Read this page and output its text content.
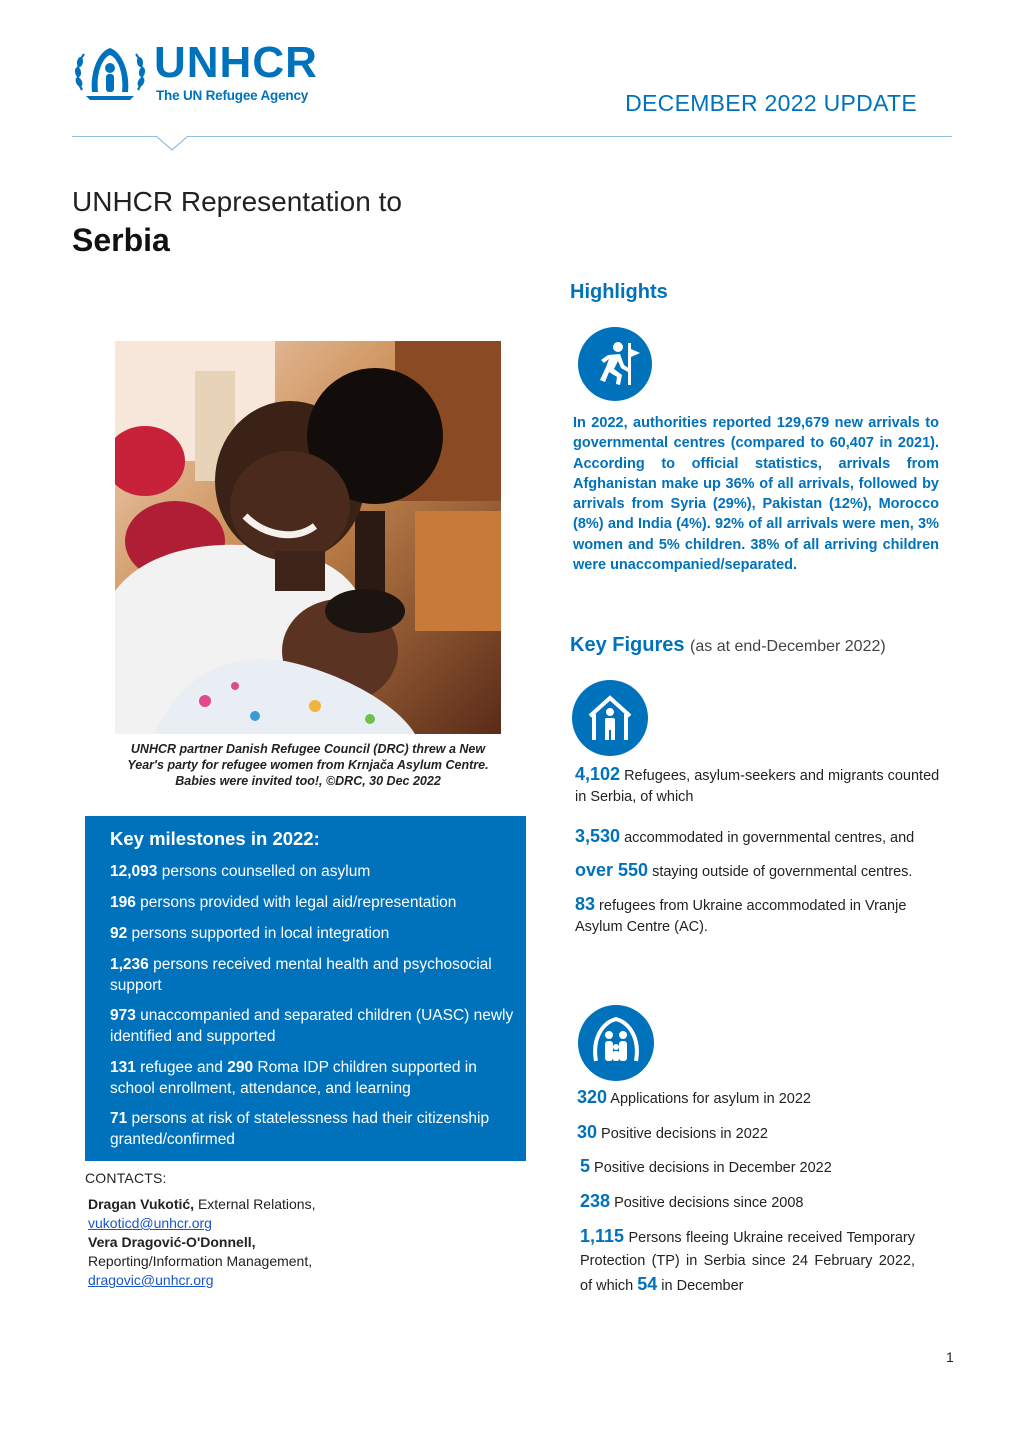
UNHCR
The UN Refugee Agency	DECEMBER 2022 UPDATE
UNHCR Representation to
Serbia
UNHCR partner Danish Refugee Council (DRC) threw a New Year's party for refugee women from Krnjača Asylum Centre. Babies were invited too!, ©DRC, 30 Dec 2022
Key milestones in 2022:
12,093 persons counselled on asylum
196 persons provided with legal aid/representation
92 persons supported in local integration
1,236 persons received mental health and psychosocial support
973 unaccompanied and separated children (UASC) newly identified and supported
131 refugee and 290 Roma IDP children supported in school enrollment, attendance, and learning
71 persons at risk of statelessness had their citizenship granted/confirmed
CONTACTS:
Dragan Vukotić, External Relations,
vukoticd@unhcr.org
Vera Dragović-O'Donnell,
Reporting/Information Management,
dragovic@unhcr.org
Highlights
In 2022, authorities reported 129,679 new arrivals to governmental centres (compared to 60,407 in 2021). According to official statistics, arrivals from Afghanistan make up 36% of all arrivals, followed by arrivals from Syria (29%), Pakistan (12%), Morocco (8%) and India (4%). 92% of all arrivals were men, 3% women and 5% children. 38% of all arriving children were unaccompanied/separated.
Key Figures (as at end-December 2022)
4,102 Refugees, asylum-seekers and migrants counted in Serbia, of which
3,530 accommodated in governmental centres, and
over 550 staying outside of governmental centres.
83 refugees from Ukraine accommodated in Vranje Asylum Centre (AC).
320 Applications for asylum in 2022
30 Positive decisions in 2022
5 Positive decisions in December 2022
238 Positive decisions since 2008
1,115 Persons fleeing Ukraine received Temporary Protection (TP) in Serbia since 24 February 2022, of which 54 in December
1
